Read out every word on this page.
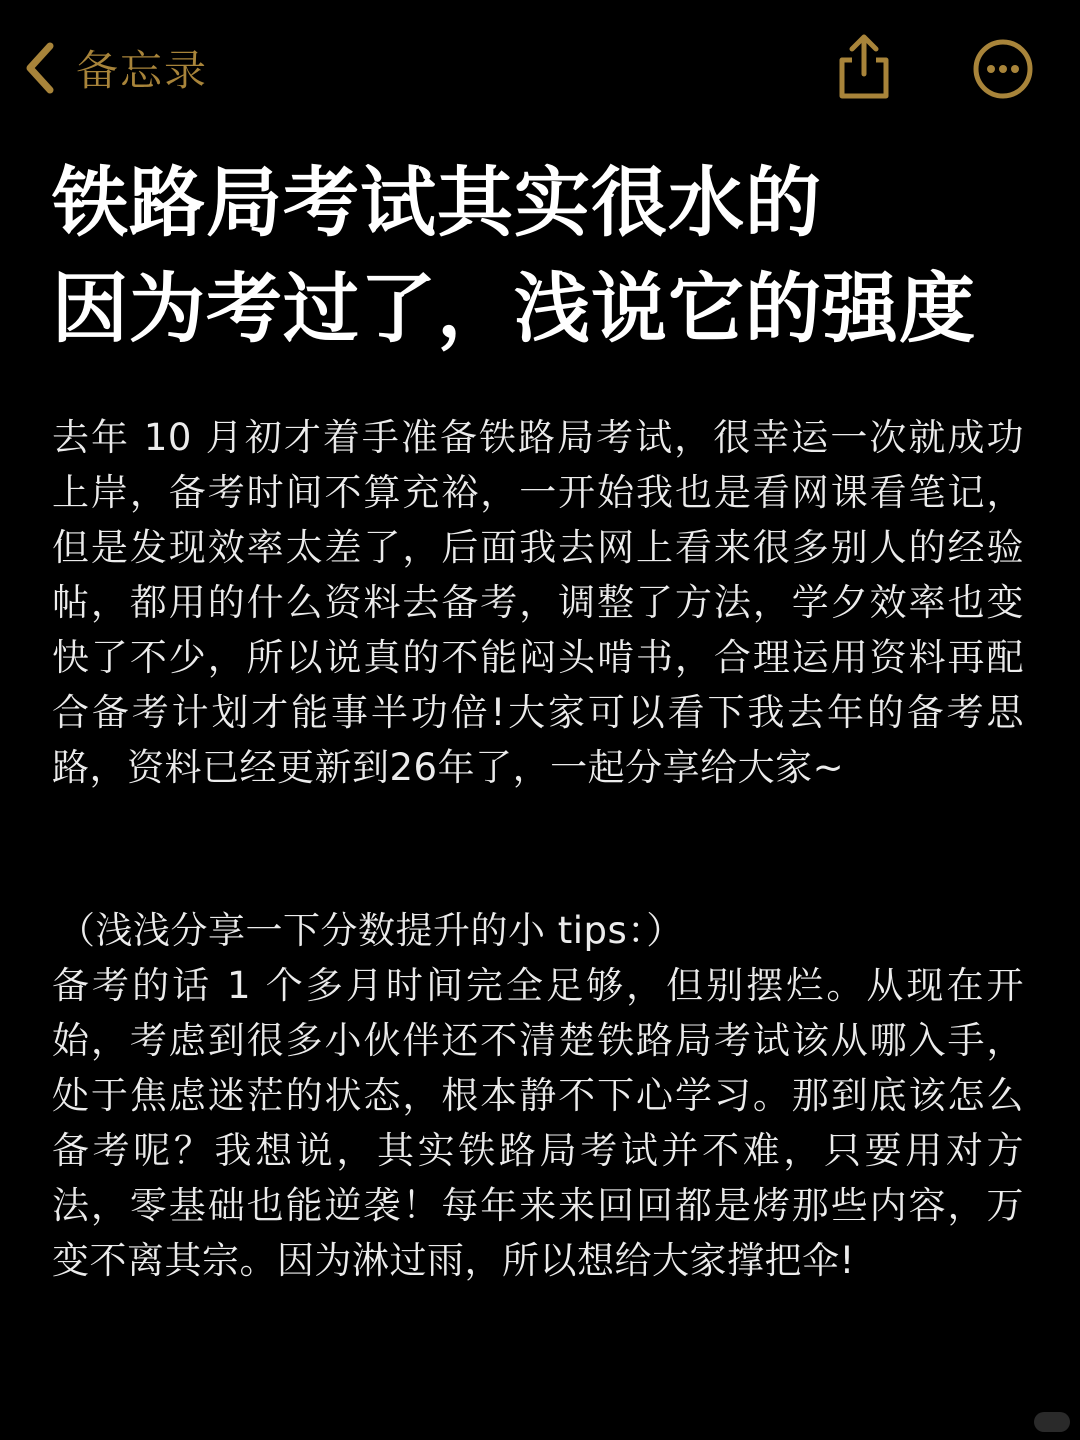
备忘录
铁路局考试其实很水的
因为考过了，浅说它的强度

去年 10 月初才着手准备铁路局考试，很幸运一次就成功上岸，备考时间不算充裕，一开始我也是看网课看笔记，但是发现效率太差了，后面我去网上看来很多别人的经验帖，都用的什么资料去备考，调整了方法，学夕效率也变快了不少，所以说真的不能闷头啃书，合理运用资料再配合备考计划才能事半功倍!大家可以看下我去年的备考思路，资料已经更新到26年了，一起分享给大家~

（浅浅分享一下分数提升的小 tips：）

备考的话 1 个多月时间完全足够，但别摆烂。从现在开始，考虑到很多小伙伴还不清楚铁路局考试该从哪入手，处于焦虑迷茫的状态，根本静不下心学习。那到底该怎么备考呢？我想说，其实铁路局考试并不难，只要用对方法，零基础也能逆袭！每年来来回回都是烤那些内容，万变不离其宗。因为淋过雨，所以想给大家撑把伞!
